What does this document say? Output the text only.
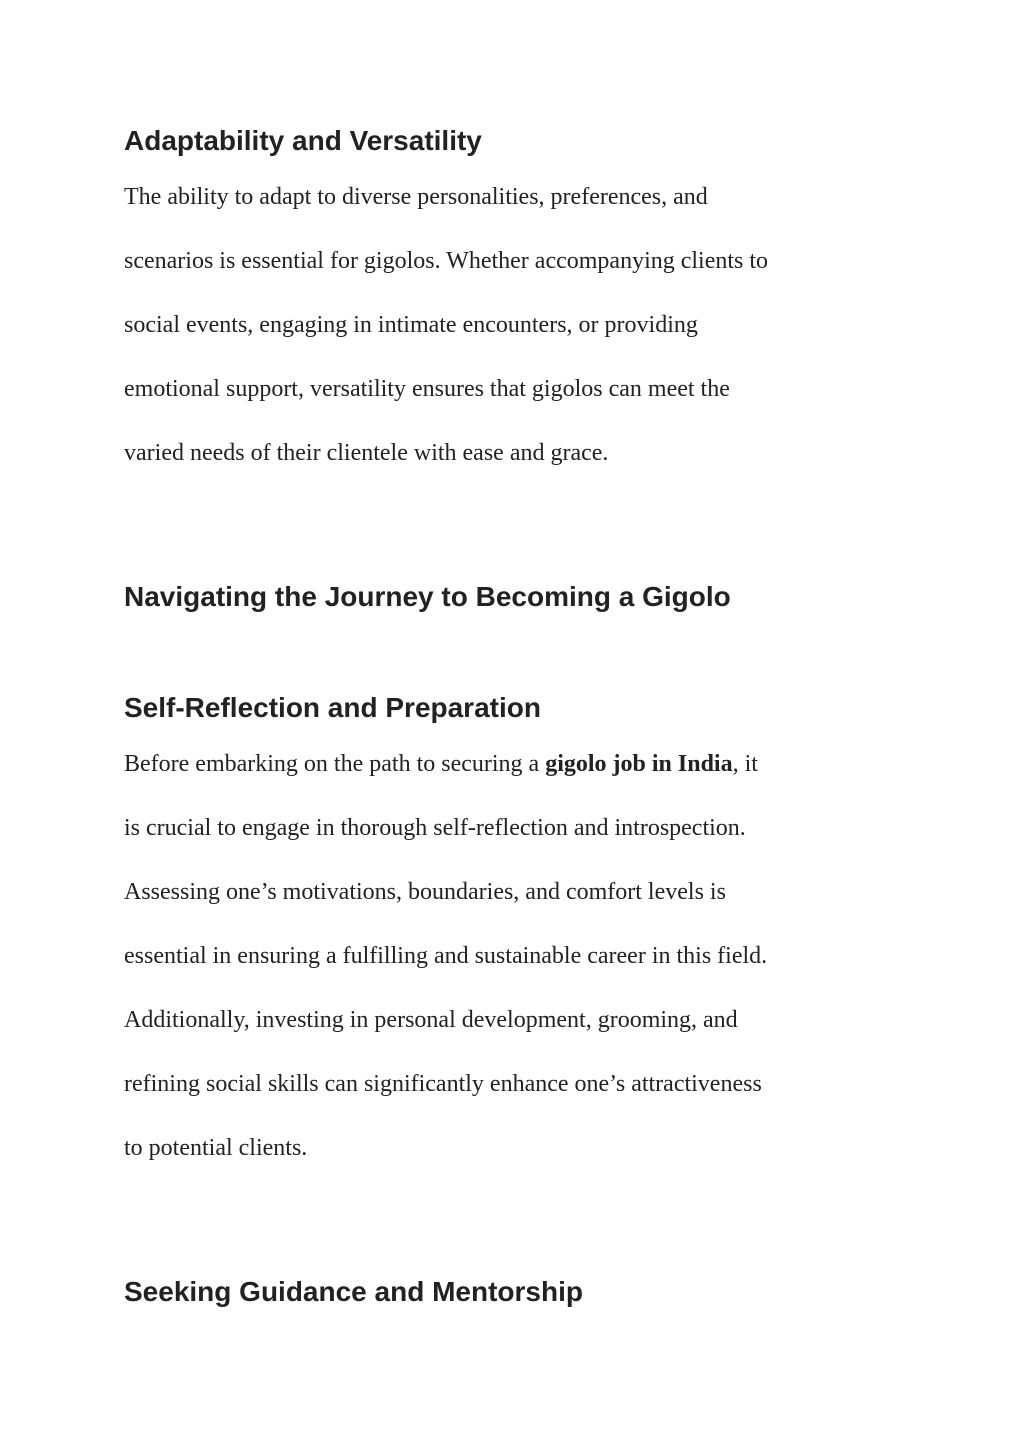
Adaptability and Versatility
The ability to adapt to diverse personalities, preferences, and
scenarios is essential for gigolos. Whether accompanying clients to
social events, engaging in intimate encounters, or providing
emotional support, versatility ensures that gigolos can meet the
varied needs of their clientele with ease and grace.
Navigating the Journey to Becoming a Gigolo
Self-Reflection and Preparation
Before embarking on the path to securing a gigolo job in India, it
is crucial to engage in thorough self-reflection and introspection.
Assessing one’s motivations, boundaries, and comfort levels is
essential in ensuring a fulfilling and sustainable career in this field.
Additionally, investing in personal development, grooming, and
refining social skills can significantly enhance one’s attractiveness
to potential clients.
Seeking Guidance and Mentorship
